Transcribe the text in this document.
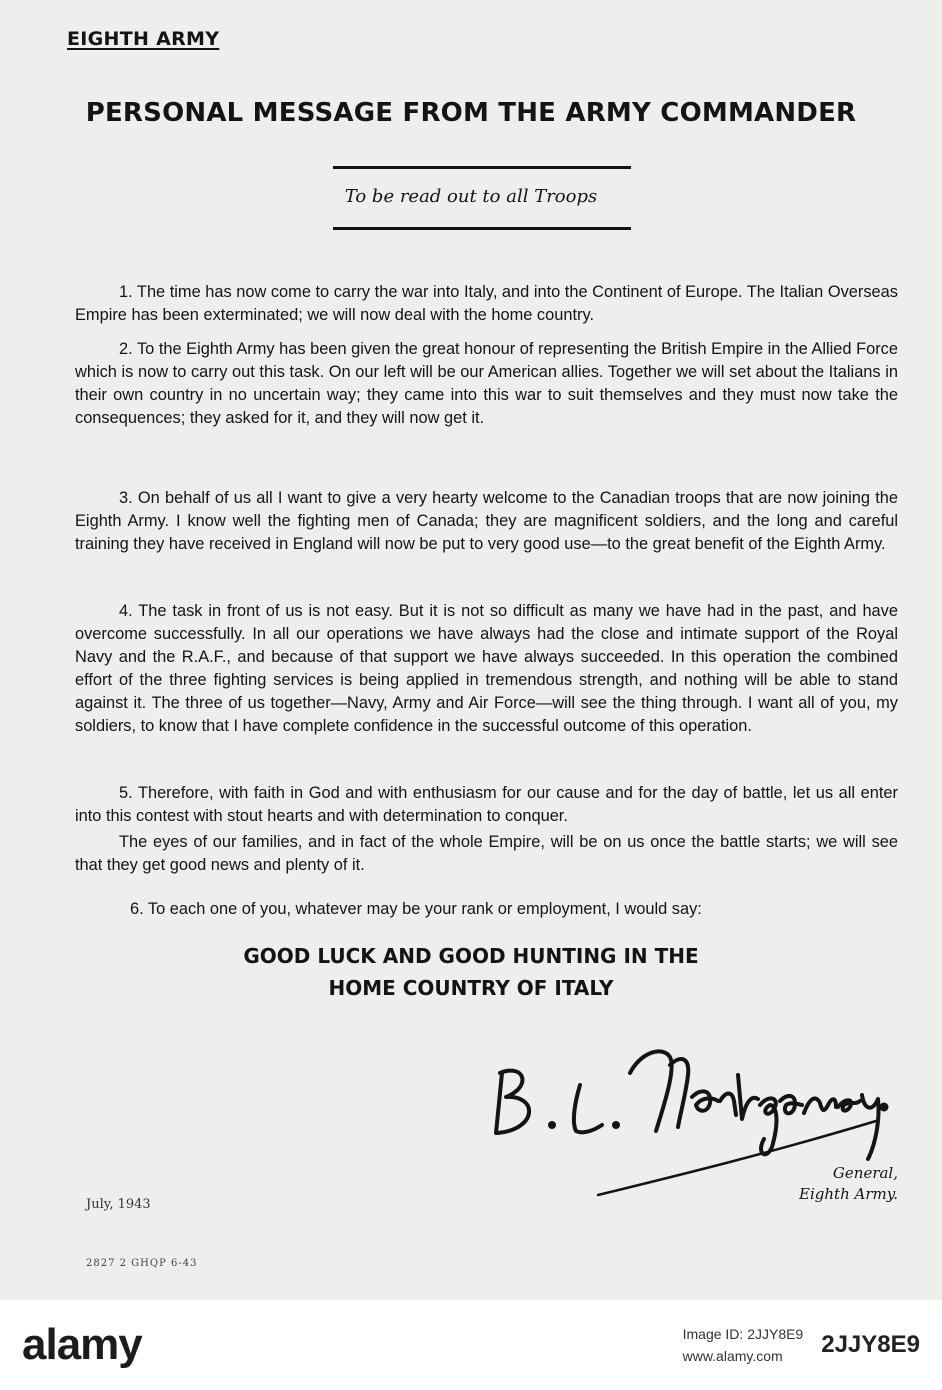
EIGHTH ARMY
PERSONAL MESSAGE FROM THE ARMY COMMANDER
To be read out to all Troops

1. The time has now come to carry the war into Italy, and into the Continent of Europe. The Italian Overseas Empire has been exterminated; we will now deal with the home country.

2. To the Eighth Army has been given the great honour of representing the British Empire in the Allied Force which is now to carry out this task. On our left will be our American allies. Together we will set about the Italians in their own country in no uncertain way; they came into this war to suit themselves and they must now take the consequences; they asked for it, and they will now get it.

3. On behalf of us all I want to give a very hearty welcome to the Canadian troops that are now joining the Eighth Army. I know well the fighting men of Canada; they are magnificent soldiers, and the long and careful training they have received in England will now be put to very good use—to the great benefit of the Eighth Army.

4. The task in front of us is not easy. But it is not so difficult as many we have had in the past, and have overcome successfully. In all our operations we have always had the close and intimate support of the Royal Navy and the R.A.F., and because of that support we have always succeeded. In this operation the combined effort of the three fighting services is being applied in tremendous strength, and nothing will be able to stand against it. The three of us together—Navy, Army and Air Force—will see the thing through. I want all of you, my soldiers, to know that I have complete confidence in the successful outcome of this operation.

5. Therefore, with faith in God and with enthusiasm for our cause and for the day of battle, let us all enter into this contest with stout hearts and with determination to conquer.

The eyes of our families, and in fact of the whole Empire, will be on us once the battle starts; we will see that they get good news and plenty of it.

6. To each one of you, whatever may be your rank or employment, I would say:

GOOD LUCK AND GOOD HUNTING IN THE
HOME COUNTRY OF ITALY
B. L. Montgomery
General,
Eighth Army.
July, 1943
2827 2 GHQP 6-43
alamy	Image ID: 2JJY8E9
www.alamy.com	2JJY8E9
